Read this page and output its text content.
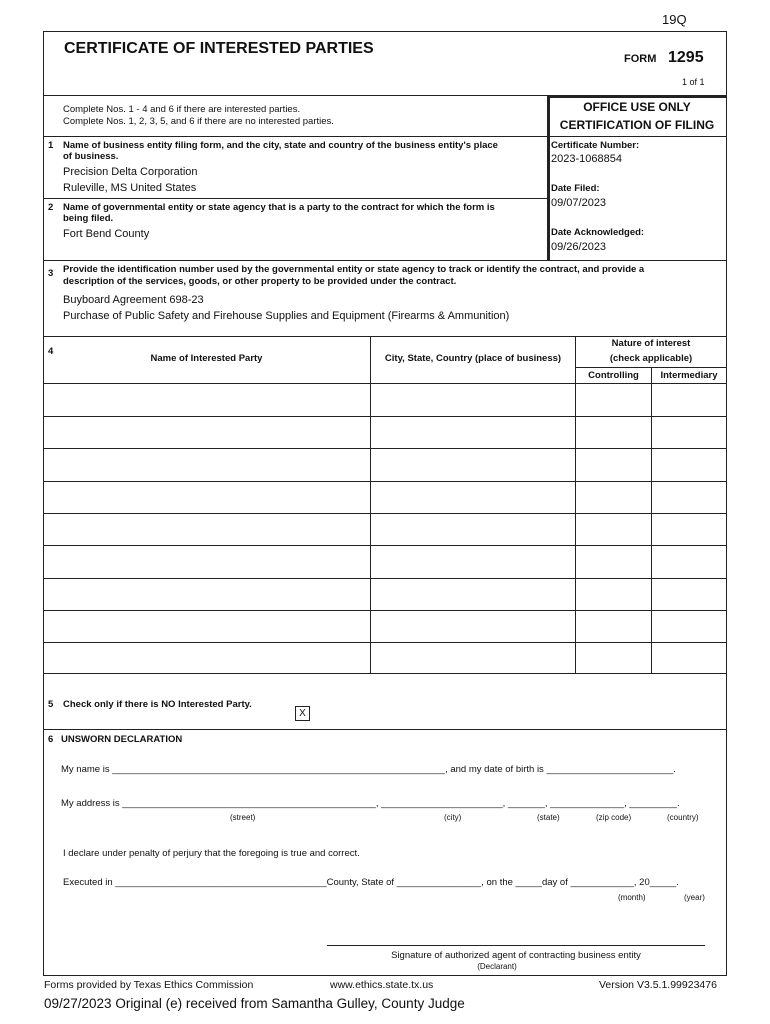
19Q
CERTIFICATE OF INTERESTED PARTIES
FORM 1295
1 of 1
Complete Nos. 1 - 4 and 6 if there are interested parties.
Complete Nos. 1, 2, 3, 5, and 6 if there are no interested parties.
OFFICE USE ONLY
CERTIFICATION OF FILING
Certificate Number:
2023-1068854
Date Filed:
09/07/2023
Date Acknowledged:
09/26/2023
1 Name of business entity filing form, and the city, state and country of the business entity's place
of business.
Precision Delta Corporation
Ruleville, MS United States
2 Name of governmental entity or state agency that is a party to the contract for which the form is
being filed.
Fort Bend County
3 Provide the identification number used by the governmental entity or state agency to track or identify the contract, and provide a
description of the services, goods, or other property to be provided under the contract.
Buyboard Agreement 698-23
Purchase of Public Safety and Firehouse Supplies and Equipment (Firearms & Ammunition)
4
Name of Interested Party	City, State, Country (place of business)
Nature of interest
(check applicable)
Controlling	Intermediary
5 Check only if there is NO Interested Party.
X
6 UNSWORN DECLARATION
My name is _______________________________________________________________, and my date of birth is ________________________.
My address is ________________________________________________, _______________________, _______, ______________, _________.
(street)	(city)	(state)	(zip code)	(country)
I declare under penalty of perjury that the foregoing is true and correct.
Executed in ________________________________________County, State of ________________, on the _____day of ____________, 20_____.
(month)	(year)
Signature of authorized agent of contracting business entity
(Declarant)
Forms provided by Texas Ethics Commission	www.ethics.state.tx.us	Version V3.5.1.99923476
09/27/2023 Original (e) received from Samantha Gulley, County Judge
